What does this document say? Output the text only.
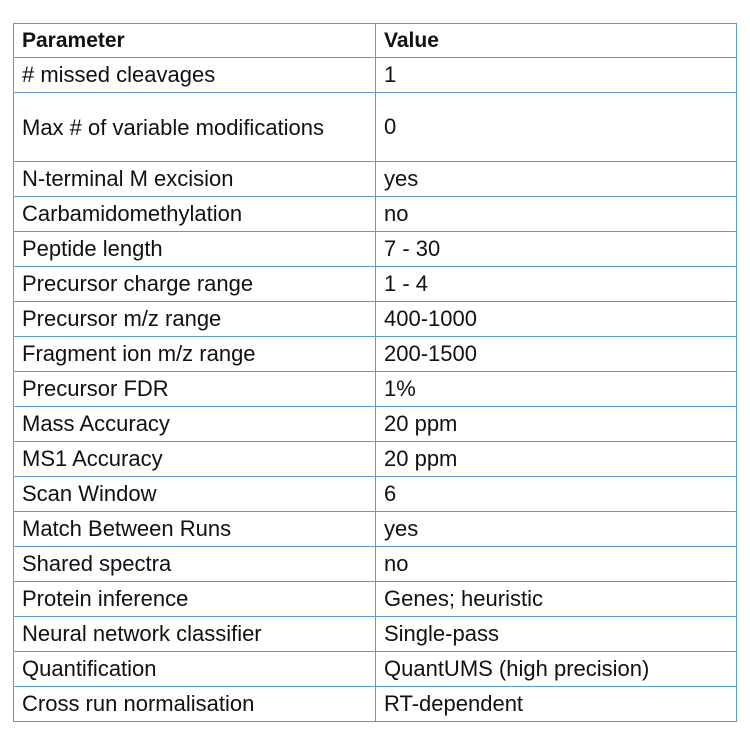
Parameter	Value
# missed cleavages	1
Max # of variable modifications	0
N-terminal M excision	yes
Carbamidomethylation	no
Peptide length	7 - 30
Precursor charge range	1 - 4
Precursor m/z range	400-1000
Fragment ion m/z range	200-1500
Precursor FDR	1%
Mass Accuracy	20 ppm
MS1 Accuracy	20 ppm
Scan Window	6
Match Between Runs	yes
Shared spectra	no
Protein inference	Genes; heuristic
Neural network classifier	Single-pass
Quantification	QuantUMS (high precision)
Cross run normalisation	RT-dependent
